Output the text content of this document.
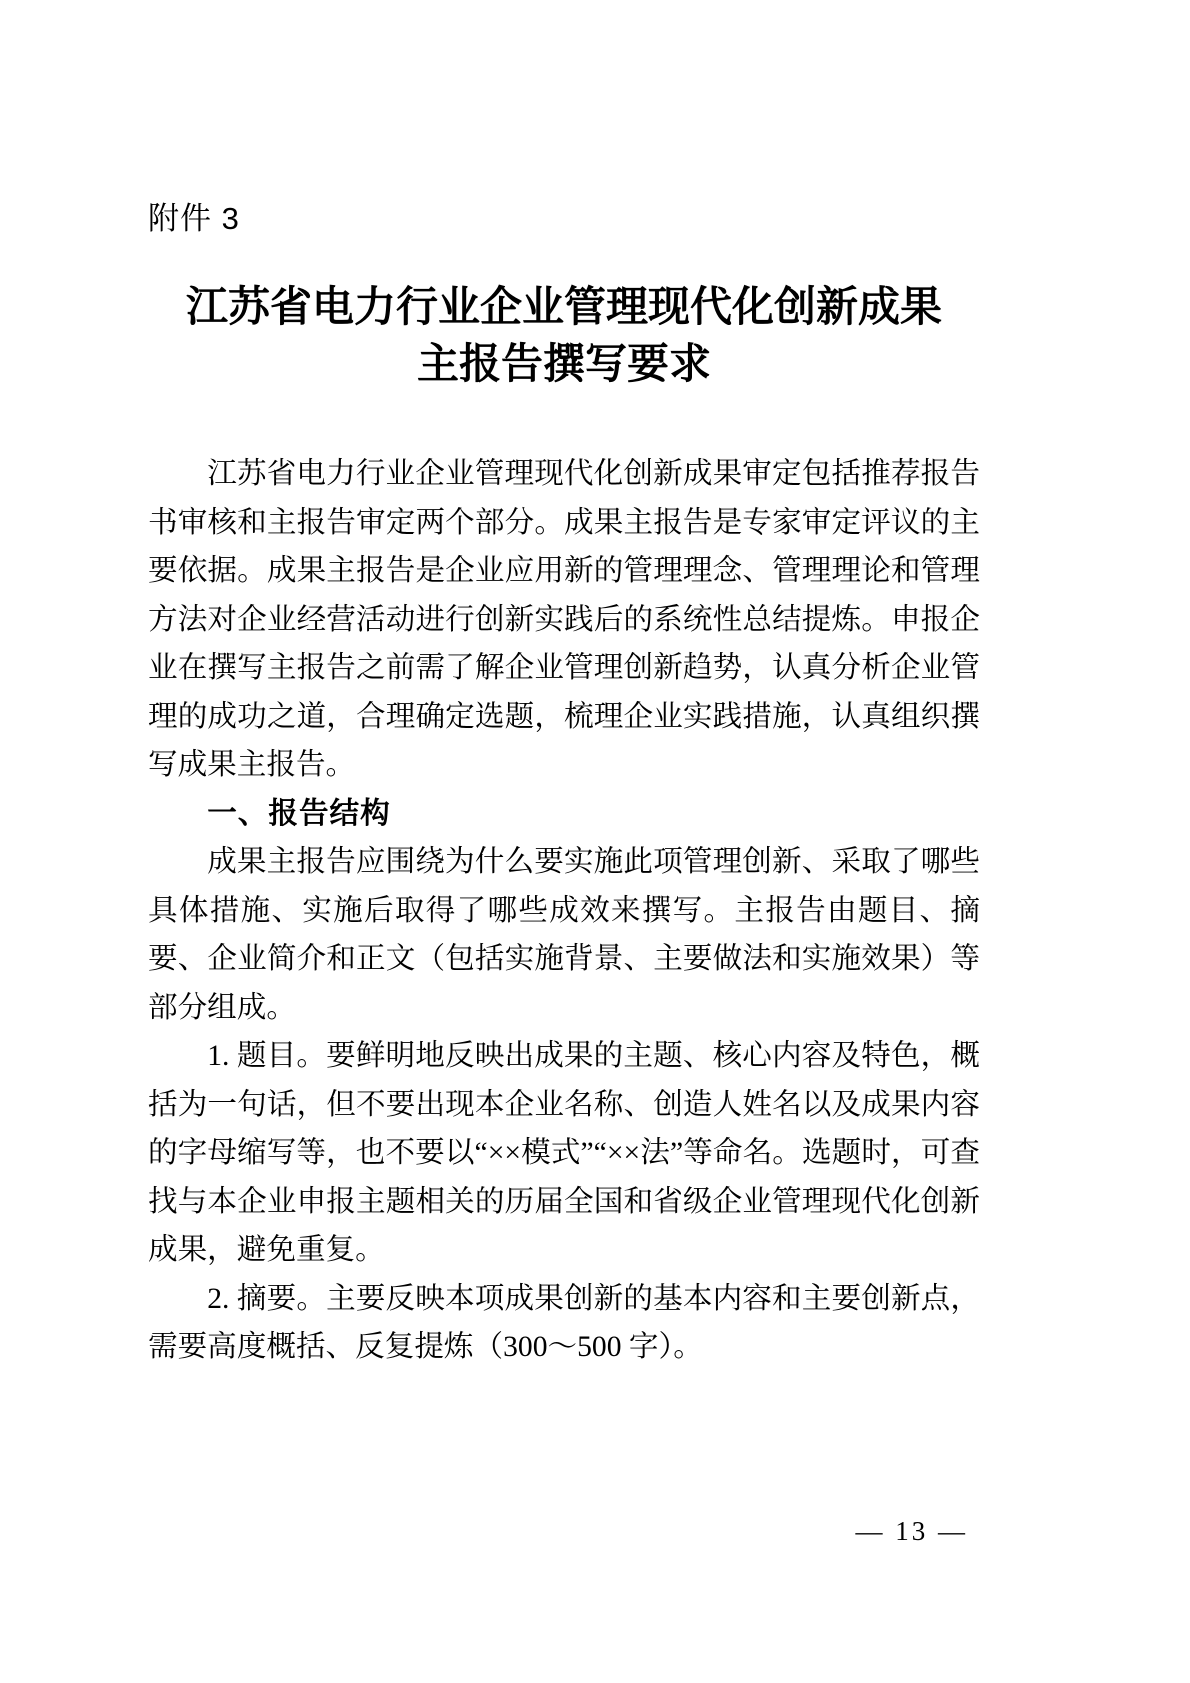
附件 3
江苏省电力行业企业管理现代化创新成果
主报告撰写要求

江苏省电力行业企业管理现代化创新成果审定包括推荐报告书审核和主报告审定两个部分。成果主报告是专家审定评议的主要依据。成果主报告是企业应用新的管理理念、管理理论和管理方法对企业经营活动进行创新实践后的系统性总结提炼。申报企业在撰写主报告之前需了解企业管理创新趋势，认真分析企业管理的成功之道，合理确定选题，梳理企业实践措施，认真组织撰写成果主报告。

一、报告结构

成果主报告应围绕为什么要实施此项管理创新、采取了哪些具体措施、实施后取得了哪些成效来撰写。主报告由题目、摘要、企业简介和正文（包括实施背景、主要做法和实施效果）等部分组成。

1. 题目。要鲜明地反映出成果的主题、核心内容及特色，概括为一句话，但不要出现本企业名称、创造人姓名以及成果内容的字母缩写等，也不要以“××模式”“××法”等命名。选题时，可查找与本企业申报主题相关的历届全国和省级企业管理现代化创新成果，避免重复。

2. 摘要。主要反映本项成果创新的基本内容和主要创新点，需要高度概括、反复提炼（300～500 字）。

— 13 —
